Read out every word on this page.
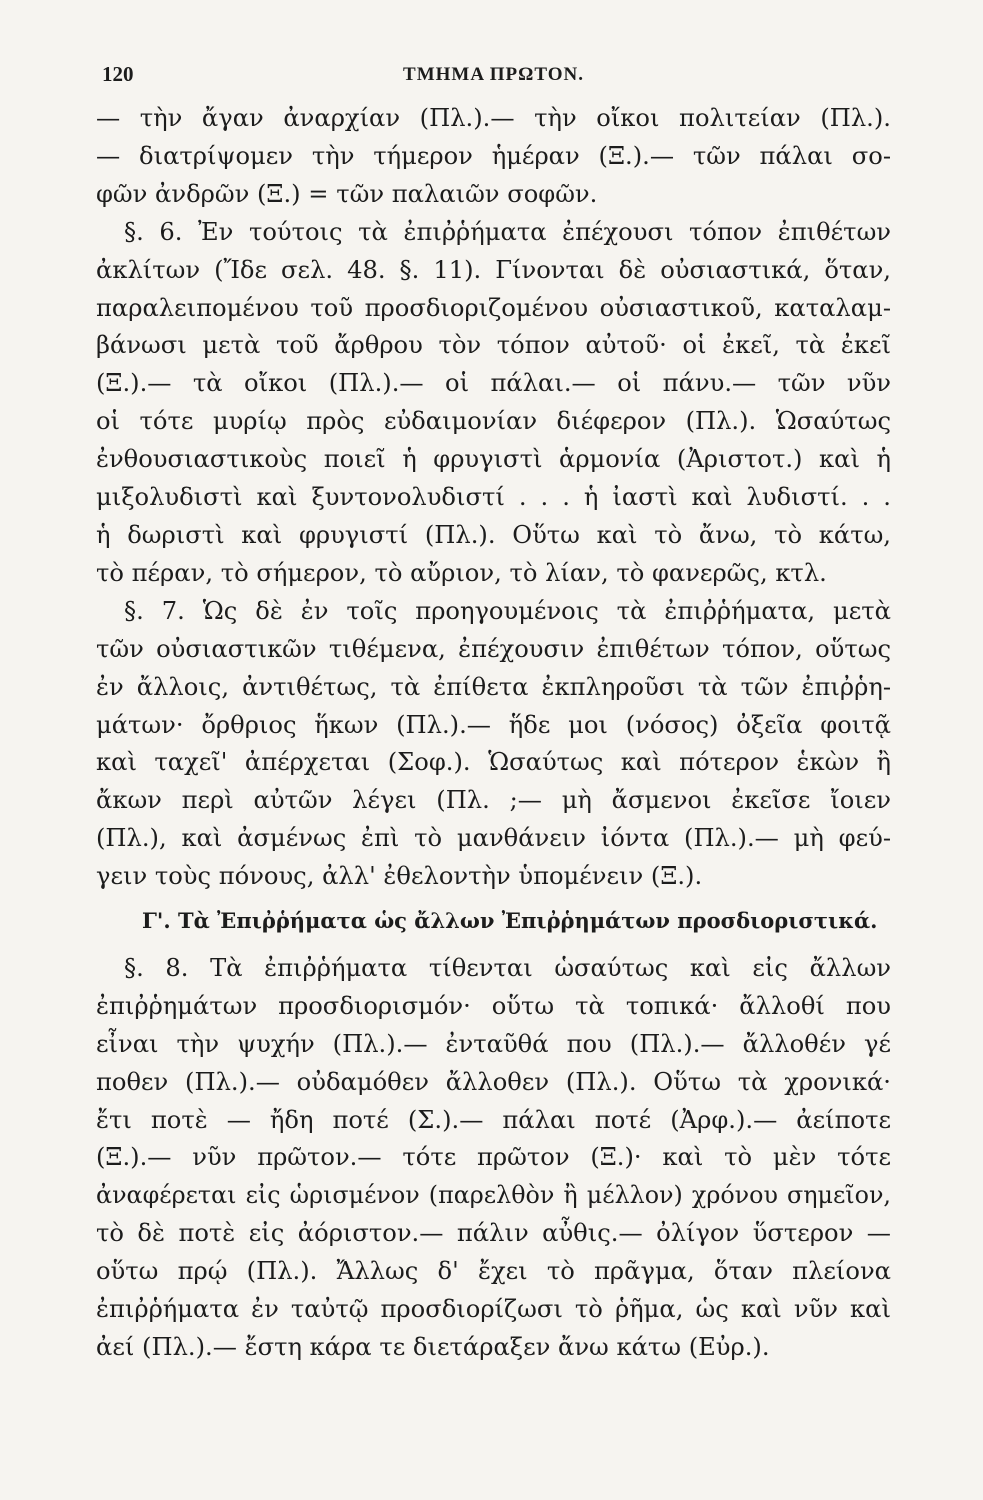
120	ΤΜΗΜΑ ΠΡΩΤΟΝ.
— τὴν ἄγαν ἀναρχίαν (Πλ.).— τὴν οἴκοι πολιτείαν (Πλ.).
— διατρίψομεν τὴν τήμερον ἡμέραν (Ξ.).— τῶν πάλαι σο-
φῶν ἀνδρῶν (Ξ.) = τῶν παλαιῶν σοφῶν.
§. 6. Ἐν τούτοις τὰ ἐπιῤῥήματα ἐπέχουσι τόπον ἐπιθέτων
ἀκλίτων (Ἴδε σελ. 48. §. 11). Γίνονται δὲ οὐσιαστικά, ὅταν,
παραλειπομένου τοῦ προσδιοριζομένου οὐσιαστικοῦ, καταλαμ-
βάνωσι μετὰ τοῦ ἄρθρου τὸν τόπον αὐτοῦ· οἱ ἐκεῖ, τὰ ἐκεῖ
(Ξ.).— τὰ οἴκοι (Πλ.).— οἱ πάλαι.— οἱ πάνυ.— τῶν νῦν
οἱ τότε μυρίῳ πρὸς εὐδαιμονίαν διέφερον (Πλ.). Ὡσαύτως
ἐνθουσιαστικοὺς ποιεῖ ἡ φρυγιστὶ ἁρμονία (Ἀριστοτ.) καὶ ἡ
μιξολυδιστὶ καὶ ξυντονολυδιστί . . . ἡ ἰαστὶ καὶ λυδιστί. . .
ἡ δωριστὶ καὶ φρυγιστί (Πλ.). Οὕτω καὶ τὸ ἄνω, τὸ κάτω,
τὸ πέραν, τὸ σήμερον, τὸ αὔριον, τὸ λίαν, τὸ φανερῶς, κτλ.
§. 7. Ὡς δὲ ἐν τοῖς προηγουμένοις τὰ ἐπιῤῥήματα, μετὰ
τῶν οὐσιαστικῶν τιθέμενα, ἐπέχουσιν ἐπιθέτων τόπον, οὕτως
ἐν ἄλλοις, ἀντιθέτως, τὰ ἐπίθετα ἐκπληροῦσι τὰ τῶν ἐπιῤῥη-
μάτων· ὄρθριος ἥκων (Πλ.).— ἥδε μοι (νόσος) ὀξεῖα φοιτᾷ
καὶ ταχεῖ' ἀπέρχεται (Σοφ.). Ὡσαύτως καὶ πότερον ἑκὼν ἢ
ἄκων περὶ αὐτῶν λέγει (Πλ. ;— μὴ ἄσμενοι ἐκεῖσε ἴοιεν
(Πλ.), καὶ ἀσμένως ἐπὶ τὸ μανθάνειν ἰόντα (Πλ.).— μὴ φεύ-
γειν τοὺς πόνους, ἀλλ' ἐθελοντὴν ὑπομένειν (Ξ.).
Γ'. Τὰ Ἐπιῤῥήματα ὡς ἄλλων Ἐπιῤῥημάτων προσδιοριστικά.
§. 8. Τὰ ἐπιῤῥήματα τίθενται ὡσαύτως καὶ εἰς ἄλλων
ἐπιῤῥημάτων προσδιορισμόν· οὕτω τὰ τοπικά· ἄλλοθί που
εἶναι τὴν ψυχήν (Πλ.).— ἐνταῦθά που (Πλ.).— ἄλλοθέν γέ
ποθεν (Πλ.).— οὐδαμόθεν ἄλλοθεν (Πλ.). Οὕτω τὰ χρονικά·
ἔτι ποτὲ — ἤδη ποτέ (Σ.).— πάλαι ποτέ (Ἀρφ.).— ἀείποτε
(Ξ.).— νῦν πρῶτον.— τότε πρῶτον (Ξ.)· καὶ τὸ μὲν τότε
ἀναφέρεται εἰς ὡρισμένον (παρελθὸν ἢ μέλλον) χρόνου σημεῖον,
τὸ δὲ ποτὲ εἰς ἀόριστον.— πάλιν αὖθις.— ὀλίγον ὕστερον —
οὕτω πρῴ (Πλ.). Ἄλλως δ' ἔχει τὸ πρᾶγμα, ὅταν πλείονα
ἐπιῤῥήματα ἐν ταὐτῷ προσδιορίζωσι τὸ ῥῆμα, ὡς καὶ νῦν καὶ
ἀεί (Πλ.).— ἔστη κάρα τε διετάραξεν ἄνω κάτω (Εὐρ.).
